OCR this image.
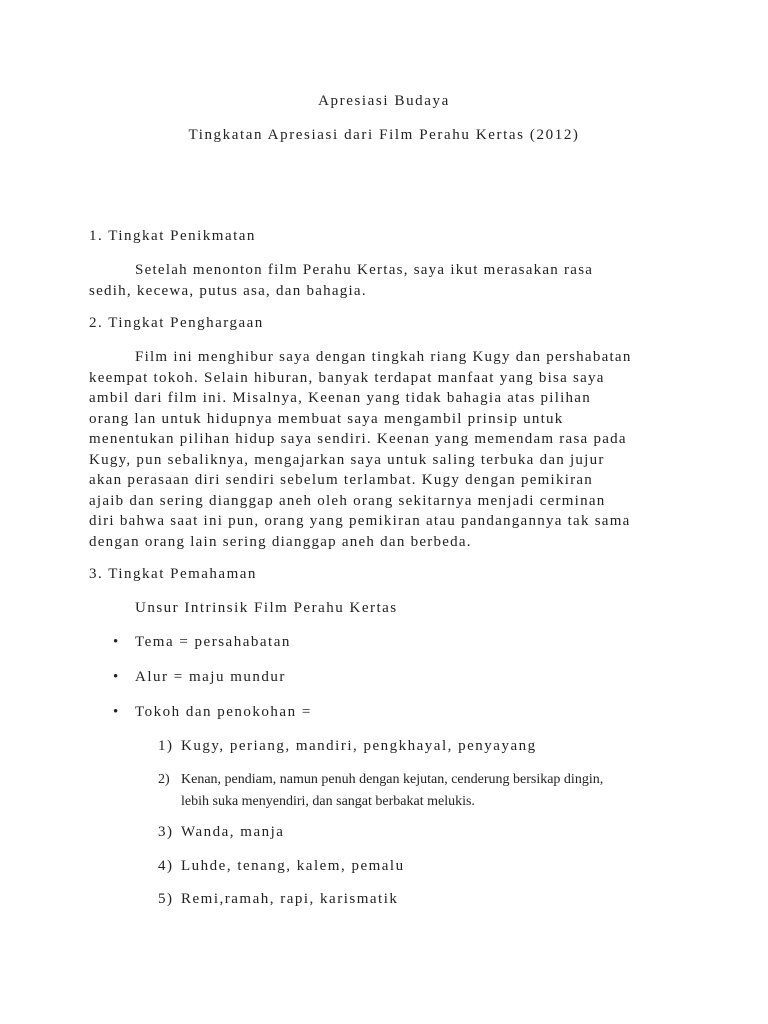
Apresiasi Budaya
Tingkatan Apresiasi dari Film Perahu Kertas (2012)
1. Tingkat Penikmatan
Setelah menonton film Perahu Kertas, saya ikut merasakan rasa
sedih, kecewa, putus asa, dan bahagia.
2. Tingkat Penghargaan
Film ini menghibur saya dengan tingkah riang Kugy dan pershabatan
keempat tokoh. Selain hiburan, banyak terdapat manfaat yang bisa saya
ambil dari film ini. Misalnya, Keenan yang tidak bahagia atas pilihan
orang lan untuk hidupnya membuat saya mengambil prinsip untuk
menentukan pilihan hidup saya sendiri. Keenan yang memendam rasa pada
Kugy, pun sebaliknya, mengajarkan saya untuk saling terbuka dan jujur
akan perasaan diri sendiri sebelum terlambat. Kugy dengan pemikiran
ajaib dan sering dianggap aneh oleh orang sekitarnya menjadi cerminan
diri bahwa saat ini pun, orang yang pemikiran atau pandangannya tak sama
dengan orang lain sering dianggap aneh dan berbeda.
3. Tingkat Pemahaman
Unsur Intrinsik Film Perahu Kertas
• Tema = persahabatan
• Alur = maju mundur
• Tokoh dan penokohan =
1) Kugy, periang, mandiri, pengkhayal, penyayang
2) Kenan, pendiam, namun penuh dengan kejutan, cenderung bersikap dingin,
lebih suka menyendiri, dan sangat berbakat melukis.
3) Wanda, manja
4) Luhde, tenang, kalem, pemalu
5) Remi,ramah, rapi, karismatik
